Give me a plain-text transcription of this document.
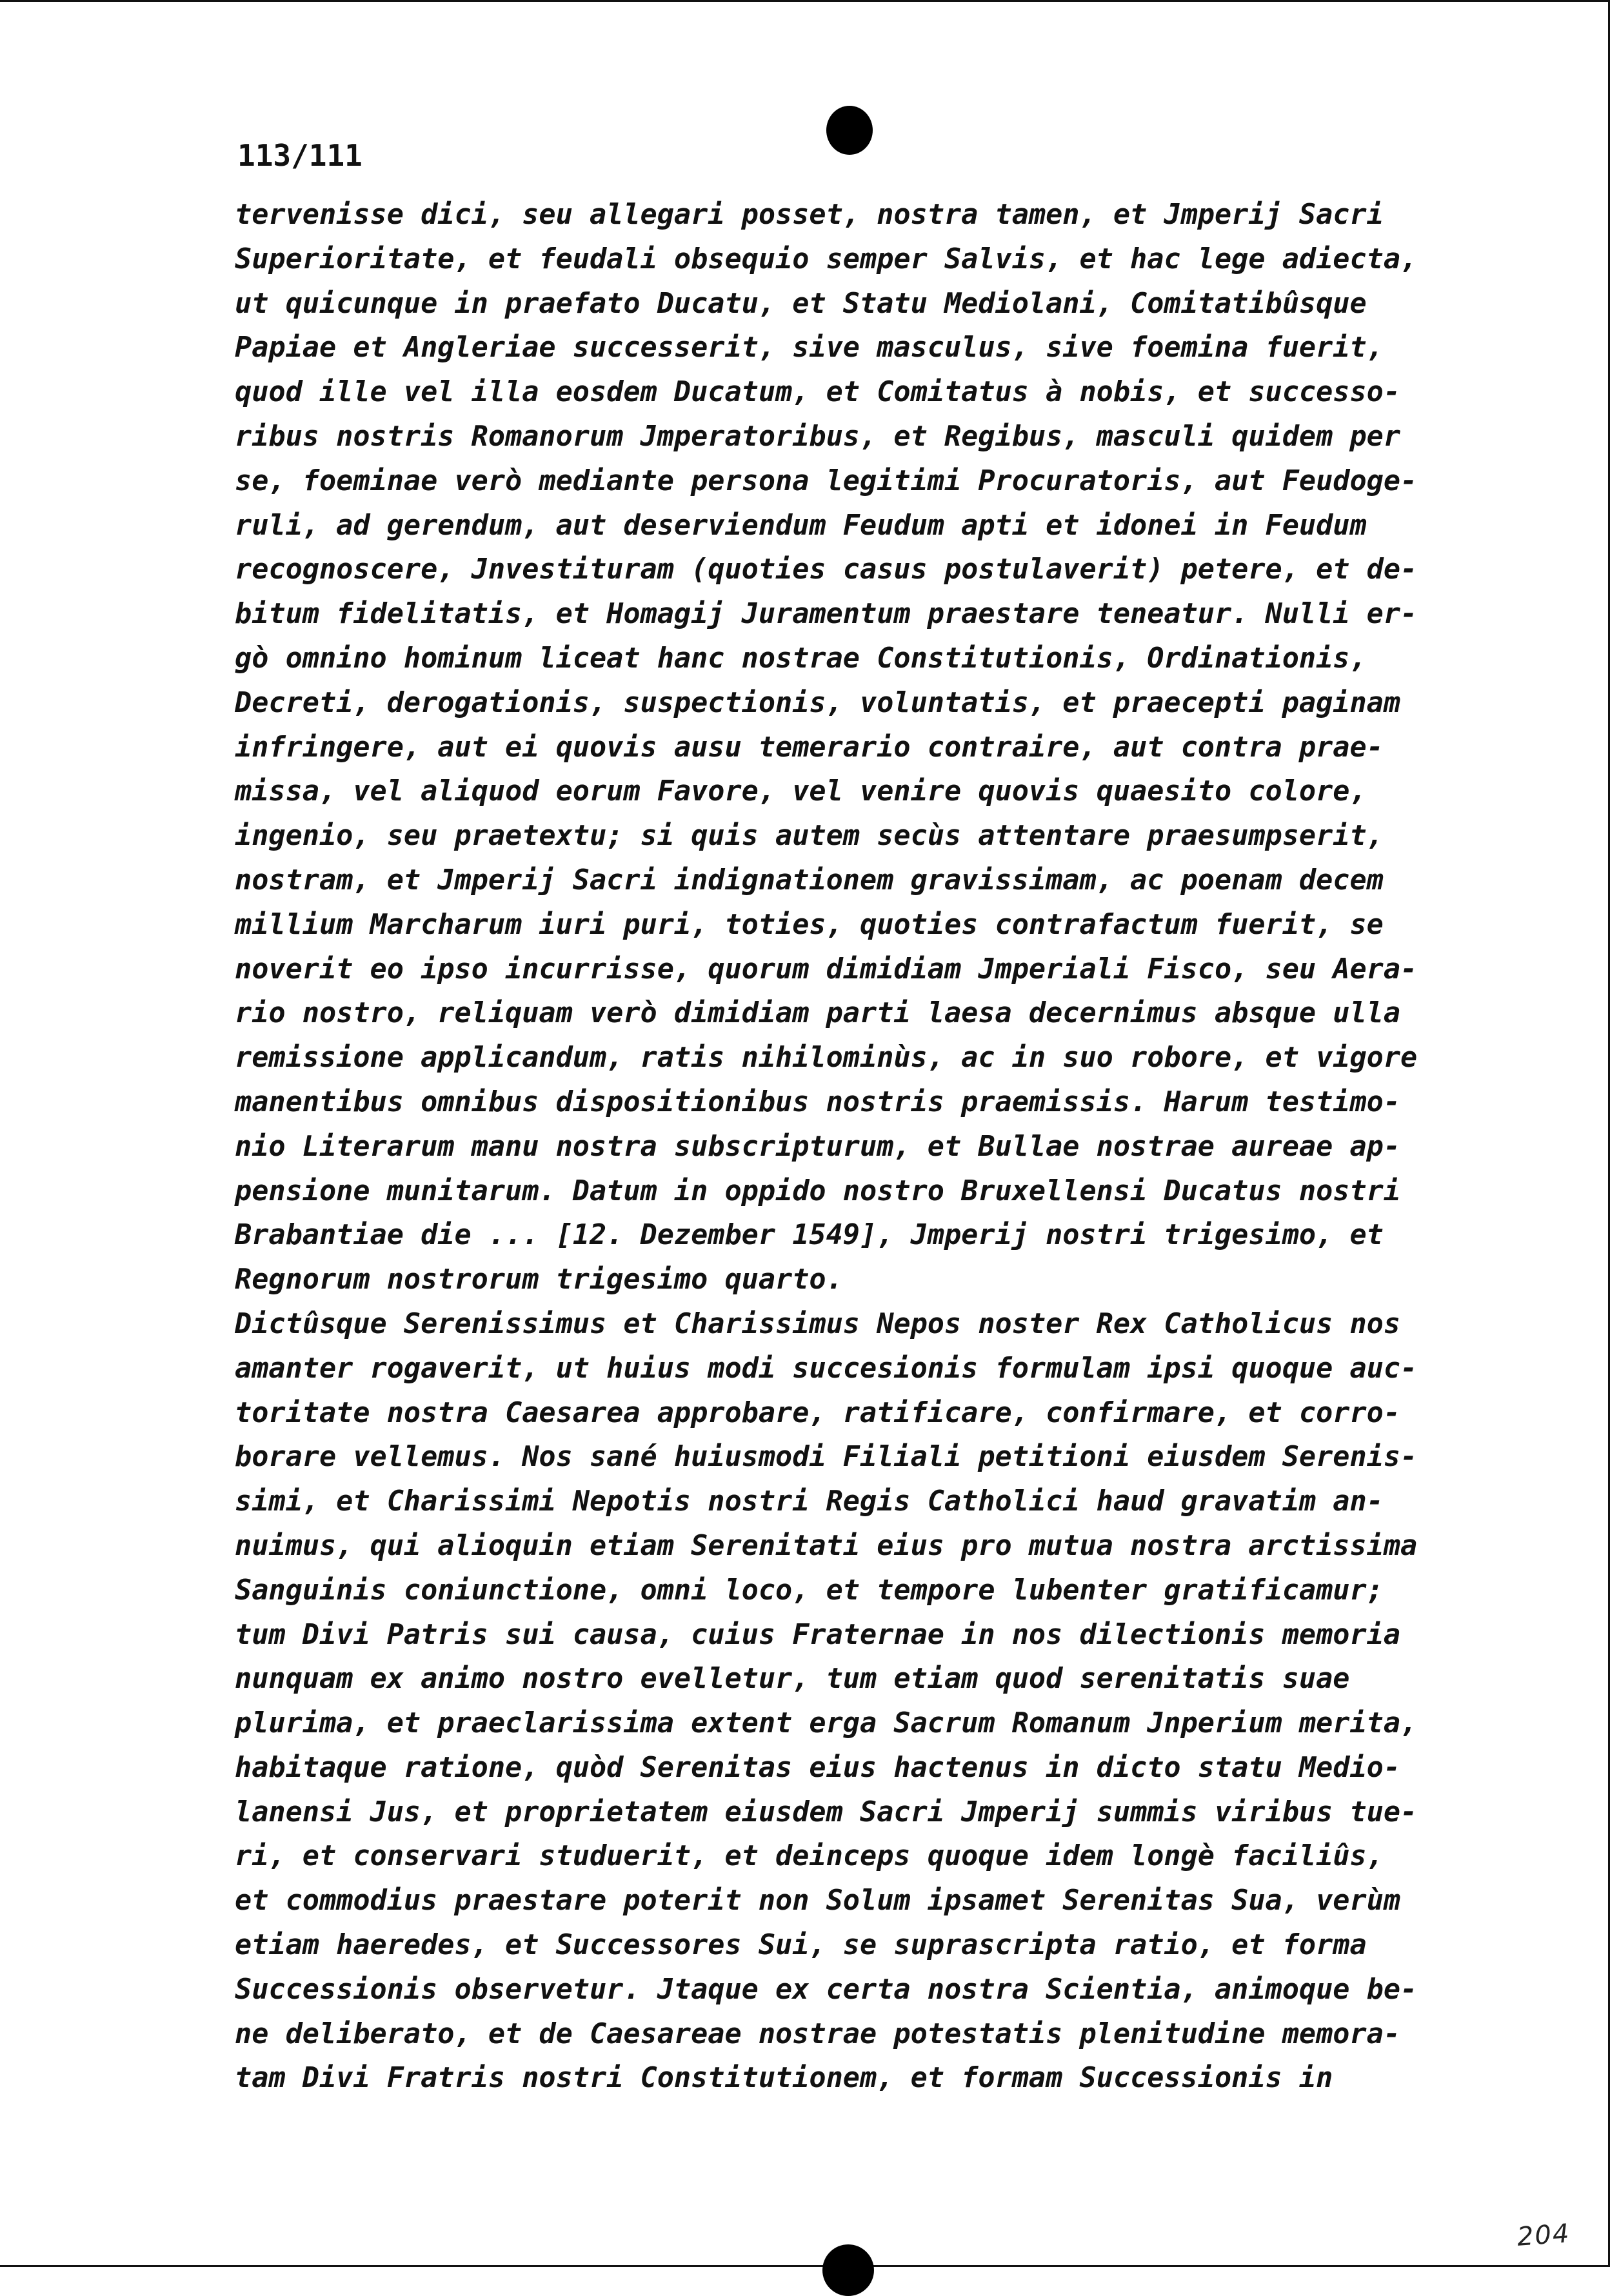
113/111
tervenisse dici, seu allegari posset, nostra tamen, et Jmperij Sacri
Superioritate, et feudali obsequio semper Salvis, et hac lege adiecta,
ut quicunque in praefato Ducatu, et Statu Mediolani, Comitatibûsque
Papiae et Angleriae successerit, sive masculus, sive foemina fuerit,
quod ille vel illa eosdem Ducatum, et Comitatus à nobis, et successo-
ribus nostris Romanorum Jmperatoribus, et Regibus, masculi quidem per
se, foeminae verò mediante persona legitimi Procuratoris, aut Feudoge-
ruli, ad gerendum, aut deserviendum Feudum apti et idonei in Feudum
recognoscere, Jnvestituram (quoties casus postulaverit) petere, et de-
bitum fidelitatis, et Homagij Juramentum praestare teneatur. Nulli er-
gò omnino hominum liceat hanc nostrae Constitutionis, Ordinationis,
Decreti, derogationis, suspectionis, voluntatis, et praecepti paginam
infringere, aut ei quovis ausu temerario contraire, aut contra prae-
missa, vel aliquod eorum Favore, vel venire quovis quaesito colore,
ingenio, seu praetextu; si quis autem secùs attentare praesumpserit,
nostram, et Jmperij Sacri indignationem gravissimam, ac poenam decem
millium Marcharum iuri puri, toties, quoties contrafactum fuerit, se
noverit eo ipso incurrisse, quorum dimidiam Jmperiali Fisco, seu Aera-
rio nostro, reliquam verò dimidiam parti laesa decernimus absque ulla
remissione applicandum, ratis nihilominùs, ac in suo robore, et vigore
manentibus omnibus dispositionibus nostris praemissis. Harum testimo-
nio Literarum manu nostra subscripturum, et Bullae nostrae aureae ap-
pensione munitarum. Datum in oppido nostro Bruxellensi Ducatus nostri
Brabantiae die ... [12. Dezember 1549], Jmperij nostri trigesimo, et
Regnorum nostrorum trigesimo quarto.
Dictûsque Serenissimus et Charissimus Nepos noster Rex Catholicus nos
amanter rogaverit, ut huius modi succesionis formulam ipsi quoque auc-
toritate nostra Caesarea approbare, ratificare, confirmare, et corro-
borare vellemus. Nos sané huiusmodi Filiali petitioni eiusdem Serenis-
simi, et Charissimi Nepotis nostri Regis Catholici haud gravatim an-
nuimus, qui alioquin etiam Serenitati eius pro mutua nostra arctissima
Sanguinis coniunctione, omni loco, et tempore lubenter gratificamur;
tum Divi Patris sui causa, cuius Fraternae in nos dilectionis memoria
nunquam ex animo nostro evelletur, tum etiam quod serenitatis suae
plurima, et praeclarissima extent erga Sacrum Romanum Jnperium merita,
habitaque ratione, quòd Serenitas eius hactenus in dicto statu Medio-
lanensi Jus, et proprietatem eiusdem Sacri Jmperij summis viribus tue-
ri, et conservari studuerit, et deinceps quoque idem longè faciliûs,
et commodius praestare poterit non Solum ipsamet Serenitas Sua, verùm
etiam haeredes, et Successores Sui, se suprascripta ratio, et forma
Successionis observetur. Jtaque ex certa nostra Scientia, animoque be-
ne deliberato, et de Caesareae nostrae potestatis plenitudine memora-
tam Divi Fratris nostri Constitutionem, et formam Successionis in
204
